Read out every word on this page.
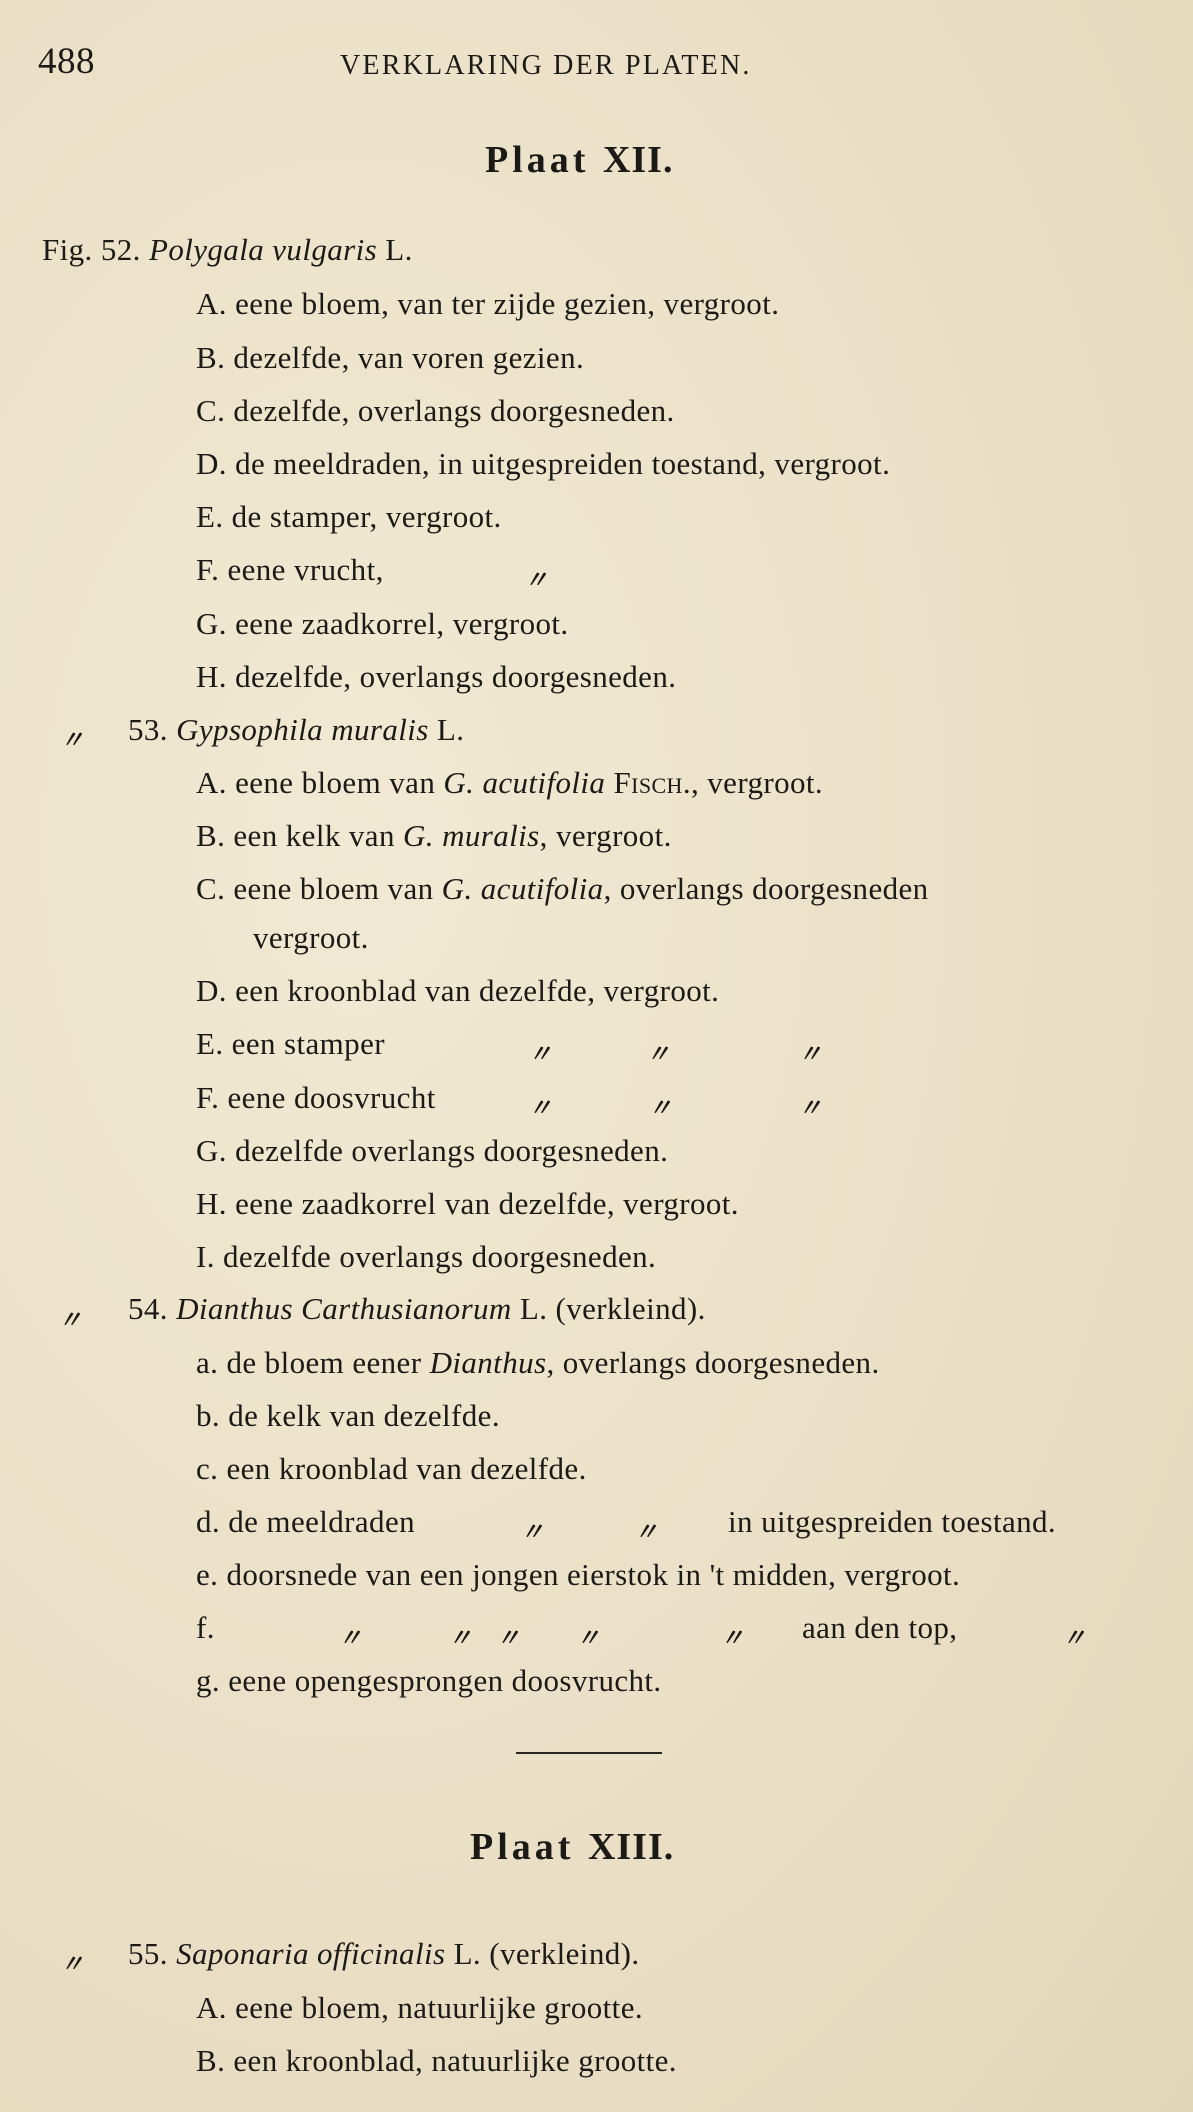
488	VERKLARING DER PLATEN.
Plaat XII.
Fig. 52. Polygala vulgaris L.
A. eene bloem, van ter zijde gezien, vergroot.
B. dezelfde, van voren gezien.
C. dezelfde, overlangs doorgesneden.
D. de meeldraden, in uitgespreiden toestand, vergroot.
E. de stamper, vergroot.
F. eene vrucht,	〃
G. eene zaadkorrel, vergroot.
H. dezelfde, overlangs doorgesneden.
〃 53. Gypsophila muralis L.
A. eene bloem van G. acutifolia Fisch., vergroot.
B. een kelk van G. muralis, vergroot.
C. eene bloem van G. acutifolia, overlangs doorgesneden
vergroot.
D. een kroonblad van dezelfde, vergroot.
E. een stamper	〃	〃	〃
F. eene doosvrucht	〃	〃	〃
G. dezelfde overlangs doorgesneden.
H. eene zaadkorrel van dezelfde, vergroot.
I. dezelfde overlangs doorgesneden.
〃 54. Dianthus Carthusianorum L. (verkleind).
a. de bloem eener Dianthus, overlangs doorgesneden.
b. de kelk van dezelfde.
c. een kroonblad van dezelfde.
d. de meeldraden	〃	〃 in uitgespreiden toestand.
e. doorsnede van een jongen eierstok in 't midden, vergroot.
f.	〃	〃 〃 〃	〃 aan den top,	〃
g. eene opengesprongen doosvrucht.
Plaat XIII.
〃 55. Saponaria officinalis L. (verkleind).
A. eene bloem, natuurlijke grootte.
B. een kroonblad, natuurlijke grootte.
